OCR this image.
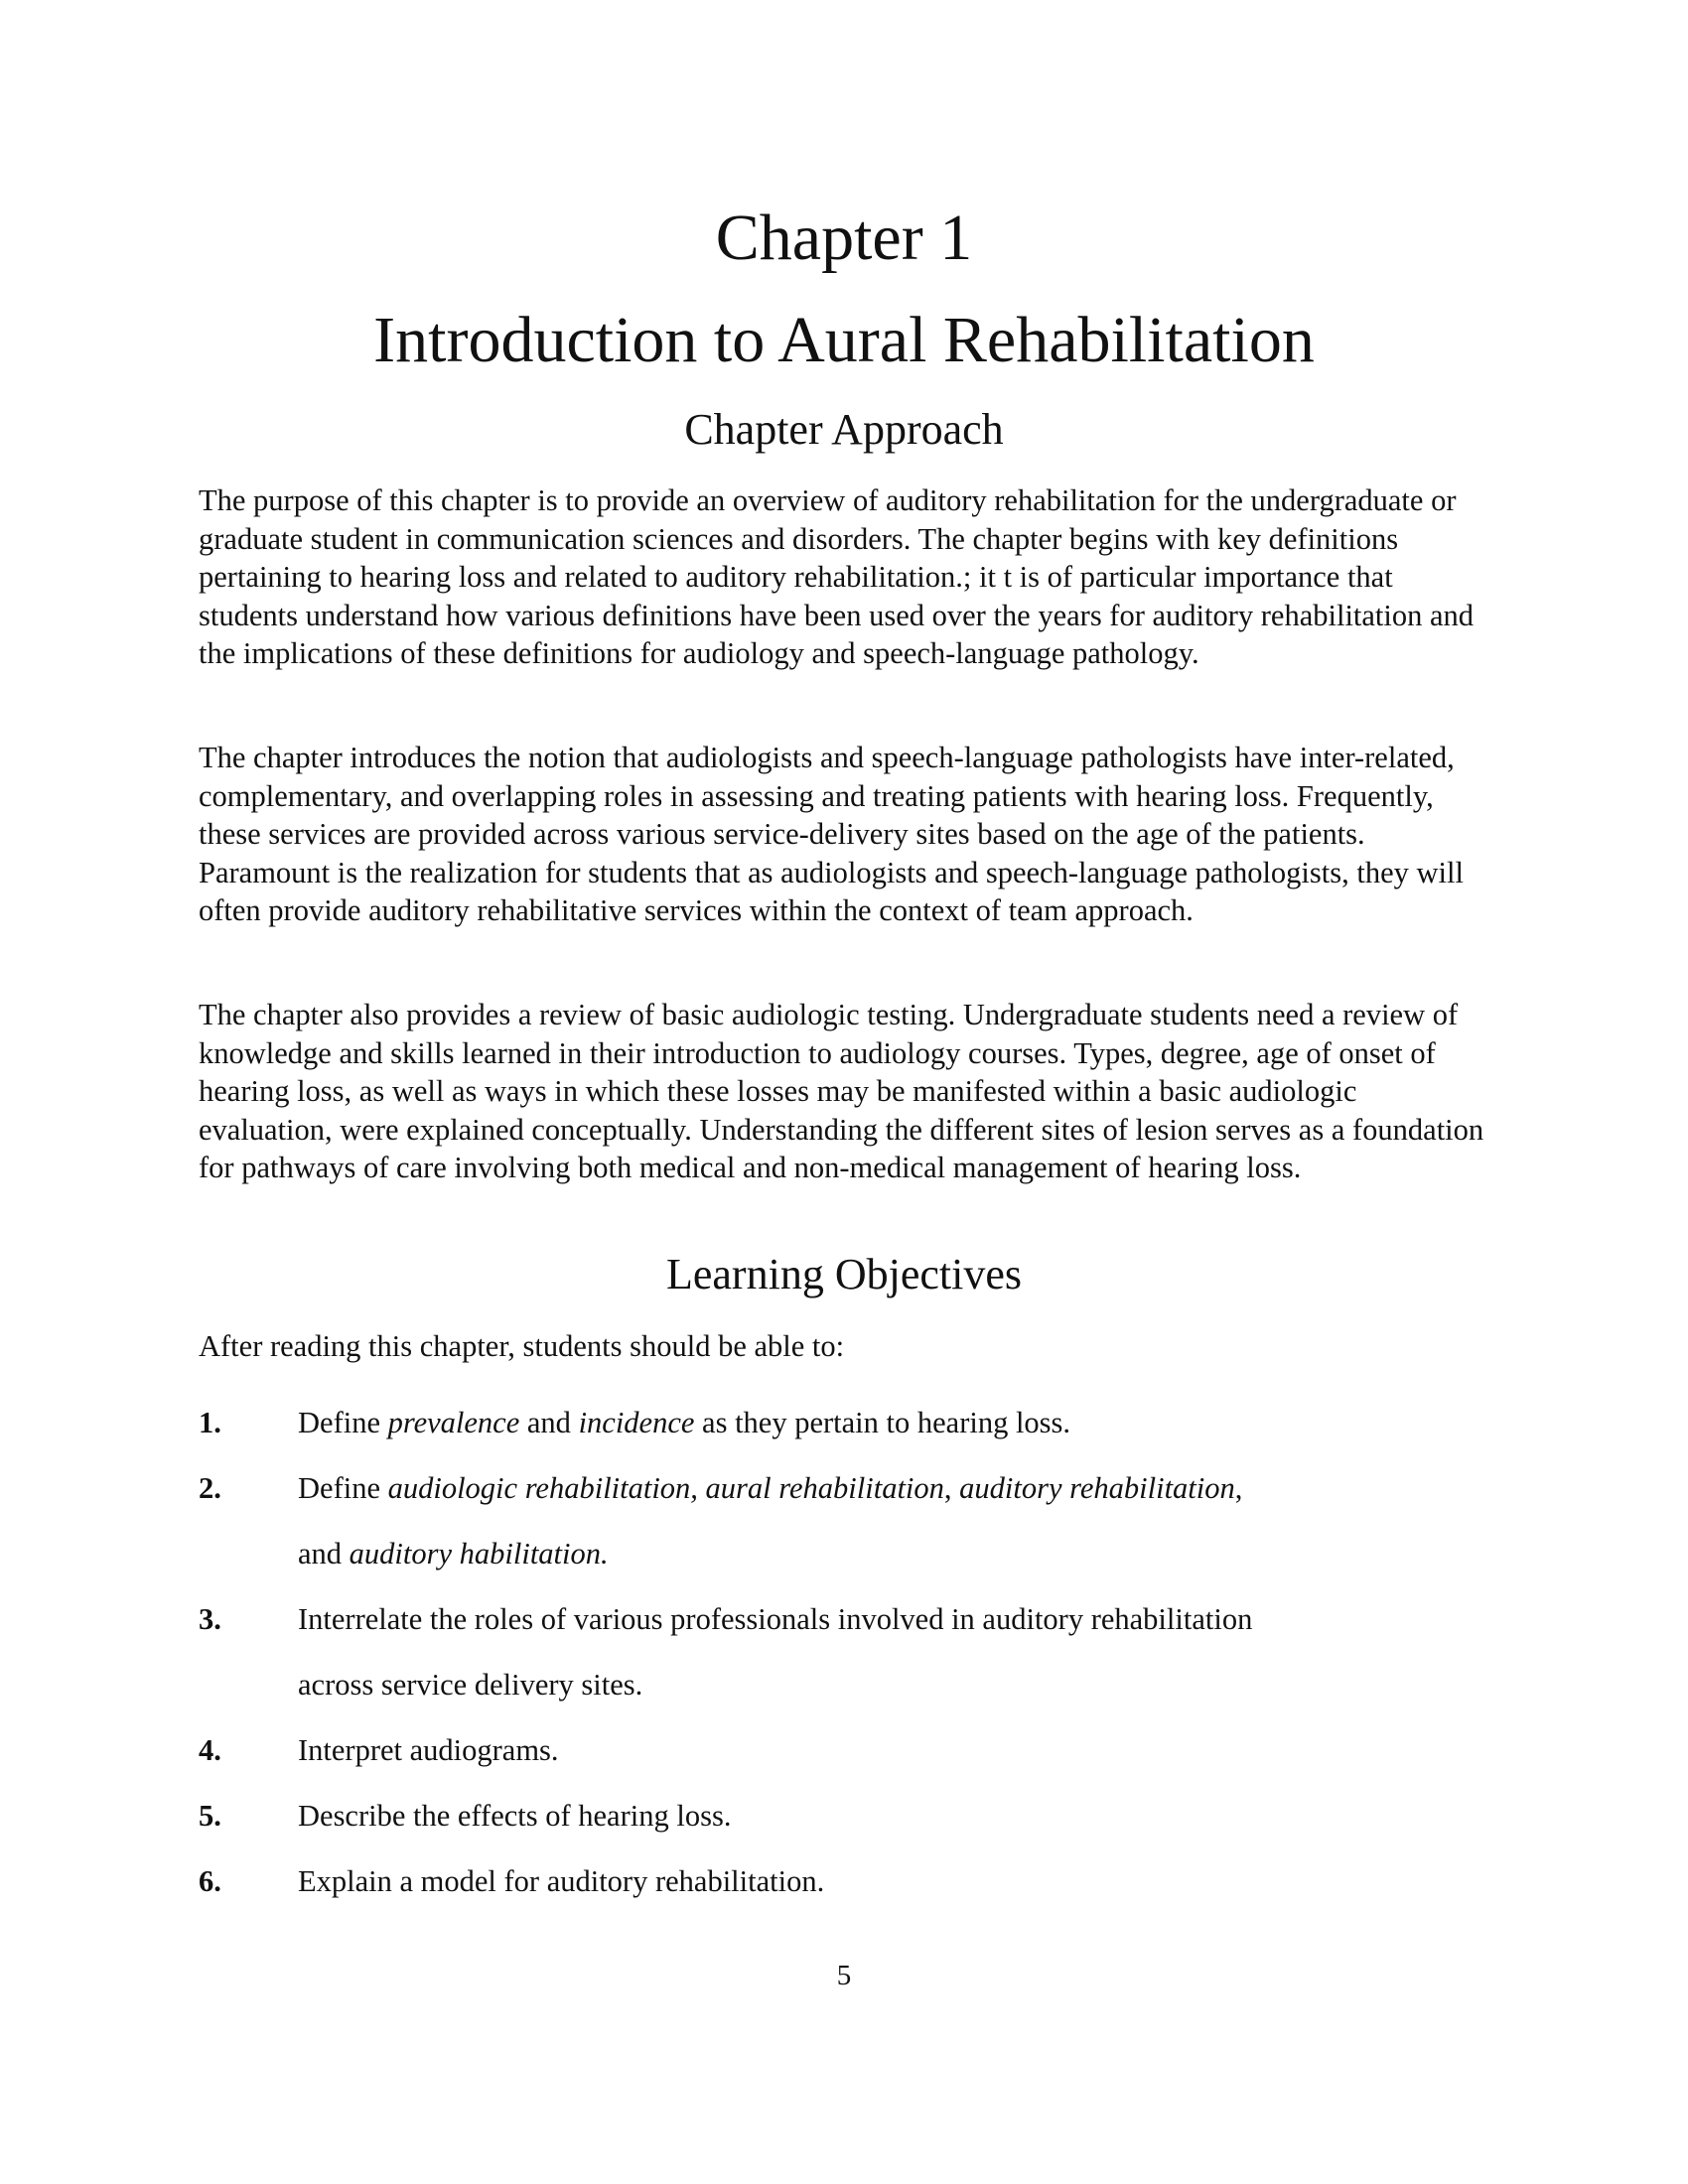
Chapter 1
Introduction to Aural Rehabilitation
Chapter Approach

The purpose of this chapter is to provide an overview of auditory rehabilitation for the undergraduate or graduate student in communication sciences and disorders. The chapter begins with key definitions pertaining to hearing loss and related to auditory rehabilitation.; it t is of particular importance that students understand how various definitions have been used over the years for auditory rehabilitation and the implications of these definitions for audiology and speech-language pathology.

The chapter introduces the notion that audiologists and speech-language pathologists have inter-related, complementary, and overlapping roles in assessing and treating patients with hearing loss. Frequently, these services are provided across various service-delivery sites based on the age of the patients. Paramount is the realization for students that as audiologists and speech-language pathologists, they will often provide auditory rehabilitative services within the context of team approach.

The chapter also provides a review of basic audiologic testing. Undergraduate students need a review of knowledge and skills learned in their introduction to audiology courses. Types, degree, age of onset of hearing loss, as well as ways in which these losses may be manifested within a basic audiologic evaluation, were explained conceptually. Understanding the different sites of lesion serves as a foundation for pathways of care involving both medical and non-medical management of hearing loss.

Learning Objectives

After reading this chapter, students should be able to:

1.	Define prevalence and incidence as they pertain to hearing loss.
2.	Define audiologic rehabilitation, aural rehabilitation, auditory rehabilitation,
and auditory habilitation.
3.	Interrelate the roles of various professionals involved in auditory rehabilitation
across service delivery sites.
4.	Interpret audiograms.
5.	Describe the effects of hearing loss.
6.	Explain a model for auditory rehabilitation.
5
